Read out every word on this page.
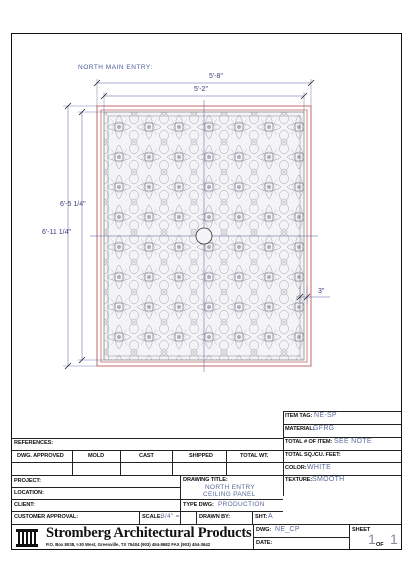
NORTH MAIN ENTRY:
5'-8"
5'-2"
6'-5 1/4"
6'-11 1/4"
3"
ITEM TAG: NE-SP
MATERIAL:
GFRG
TOTAL # OF ITEM: SEE NOTE
TOTAL SQ./CU. FEET:
COLOR: WHITE
TEXTURE: SMOOTH
REFERENCES:
DWG. APPROVED	MOLD	CAST	SHIPPED	TOTAL WT.
PROJECT:
LOCATION:
CLIENT:
CUSTOMER APPROVAL:
DRAWING TITLE:
NORTH ENTRY
CEILING PANEL
TYPE DWG: PRODUCTION
SCALE:
3/4" =	DRAWN BY:	SHT: A
DWG: NE_CP
DATE:
SHEET
1 OF 1
Stromberg Architectural Products
P.O. Box 8038, I-30 West, Greenville, TX 75404 (903) 454-8682 FAX (903) 454-3642
